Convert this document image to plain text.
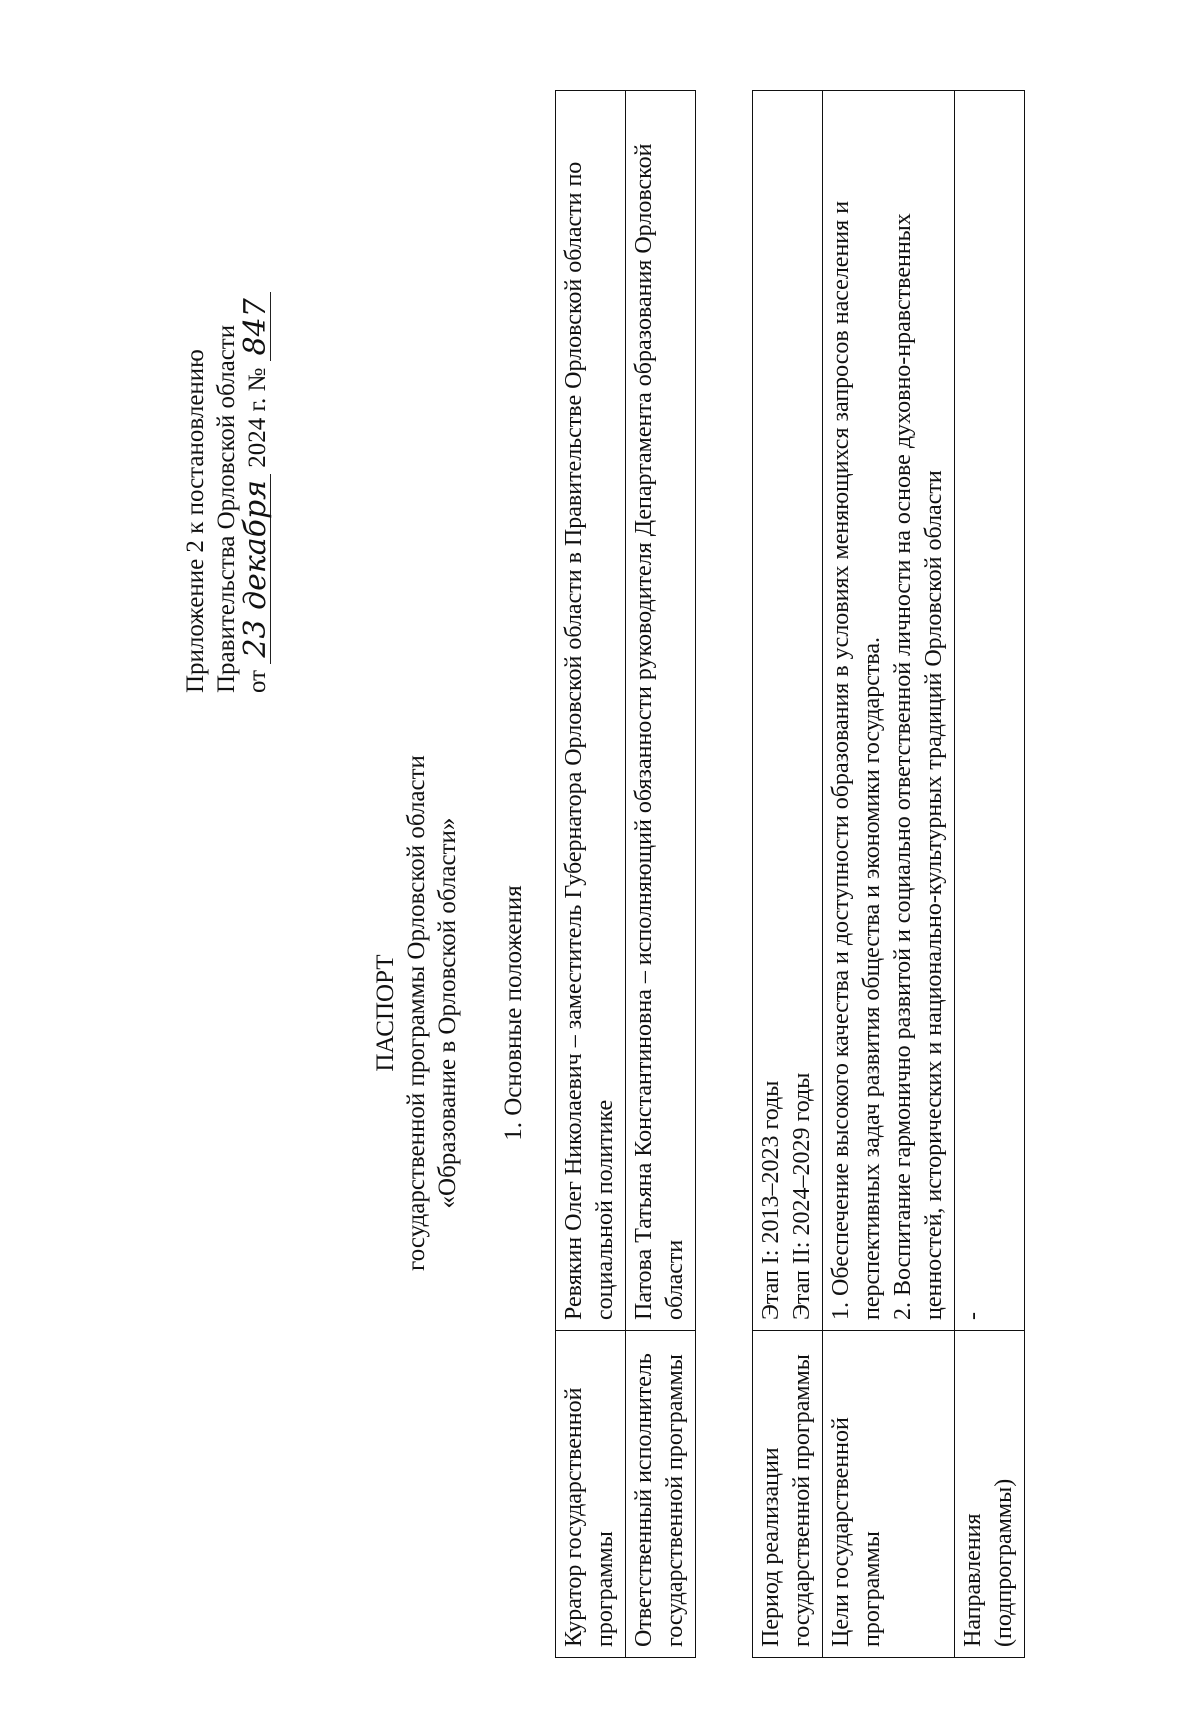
Приложение 2 к постановлению Правительства Орловской области от 23 декабря 2024 г. № 847
ПАСПОРТ государственной программы Орловской области «Образование в Орловской области» 1. Основные положения
Куратор государственной программы	Ревякин Олег Николаевич – заместитель Губернатора Орловской области в Правительстве Орловской области по социальной политике
Ответственный исполнитель государственной программы	Патова Татьяна Константиновна – исполняющий обязанности руководителя Департамента образования Орловской области
Период реализации государственной программы	Этап I: 2013–2023 годы Этап II: 2024–2029 годы

Цели государственной программы	1. Обеспечение высокого качества и доступности образования в условиях меняющихся запросов населения и перспективных задач развития общества и экономики государства. 2. Воспитание гармонично развитой и социально ответственной личности на основе духовно-нравственных ценностей, исторических и национально-культурных традиций Орловской области

Направления (подпрограммы)	-
